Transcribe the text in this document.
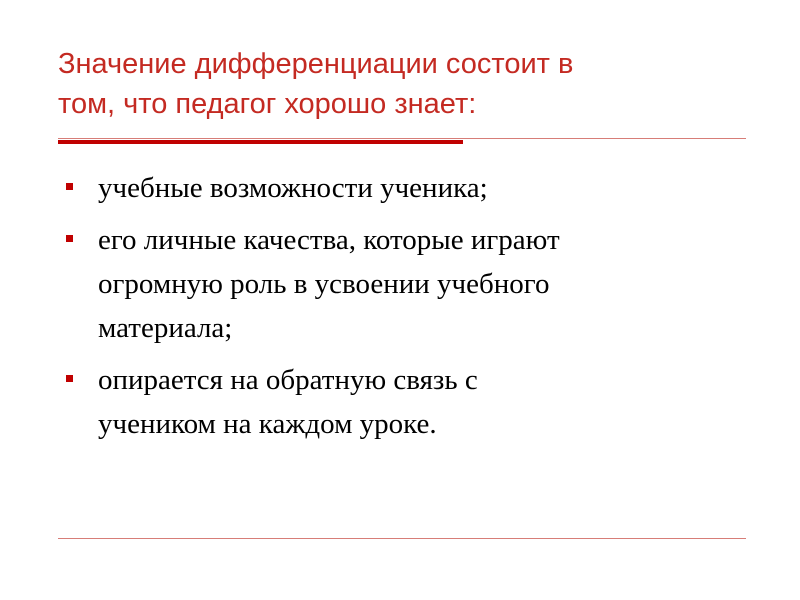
Значение дифференциации состоит в
том, что педагог хорошо знает:
учебные возможности ученика;
его личные качества, которые играют
огромную роль в усвоении учебного
материала;
опирается на обратную связь с
учеником на каждом уроке.
